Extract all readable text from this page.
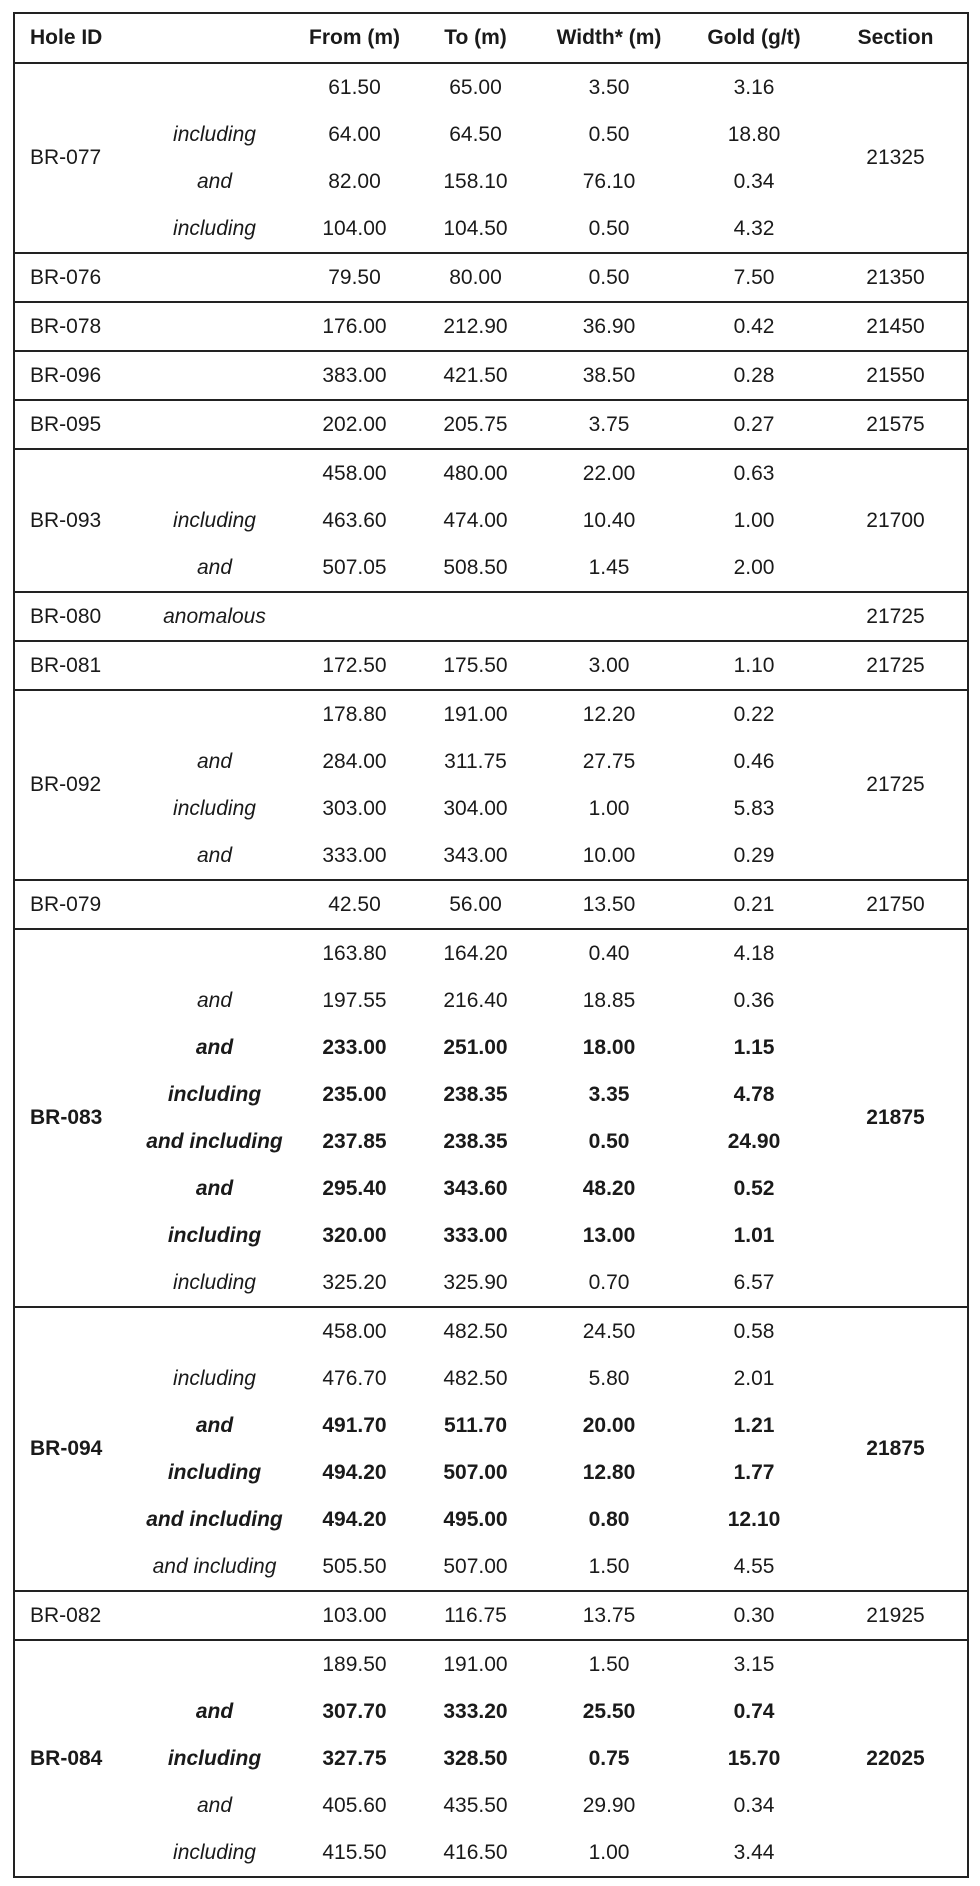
Hole ID		From (m)	To (m)	Width* (m)	Gold (g/t)	Section
BR-077		61.50	65.00	3.50	3.16	21325
	including	64.00	64.50	0.50	18.80	
	and	82.00	158.10	76.10	0.34	
	including	104.00	104.50	0.50	4.32	
BR-076		79.50	80.00	0.50	7.50	21350
BR-078		176.00	212.90	36.90	0.42	21450
BR-096		383.00	421.50	38.50	0.28	21550
BR-095		202.00	205.75	3.75	0.27	21575
BR-093		458.00	480.00	22.00	0.63	21700
	including	463.60	474.00	10.40	1.00	
	and	507.05	508.50	1.45	2.00	
BR-080	anomalous					21725
BR-081		172.50	175.50	3.00	1.10	21725
BR-092		178.80	191.00	12.20	0.22	21725
	and	284.00	311.75	27.75	0.46	
	including	303.00	304.00	1.00	5.83	
	and	333.00	343.00	10.00	0.29	
BR-079		42.50	56.00	13.50	0.21	21750
BR-083		163.80	164.20	0.40	4.18	21875
	and	197.55	216.40	18.85	0.36	
	and	233.00	251.00	18.00	1.15	
	including	235.00	238.35	3.35	4.78	
	and including	237.85	238.35	0.50	24.90	
	and	295.40	343.60	48.20	0.52	
	including	320.00	333.00	13.00	1.01	
	including	325.20	325.90	0.70	6.57	
BR-094		458.00	482.50	24.50	0.58	21875
	including	476.70	482.50	5.80	2.01	
	and	491.70	511.70	20.00	1.21	
	including	494.20	507.00	12.80	1.77	
	and including	494.20	495.00	0.80	12.10	
	and including	505.50	507.00	1.50	4.55	
BR-082		103.00	116.75	13.75	0.30	21925
BR-084		189.50	191.00	1.50	3.15	22025
	and	307.70	333.20	25.50	0.74	
	including	327.75	328.50	0.75	15.70	
	and	405.60	435.50	29.90	0.34	
	including	415.50	416.50	1.00	3.44	
